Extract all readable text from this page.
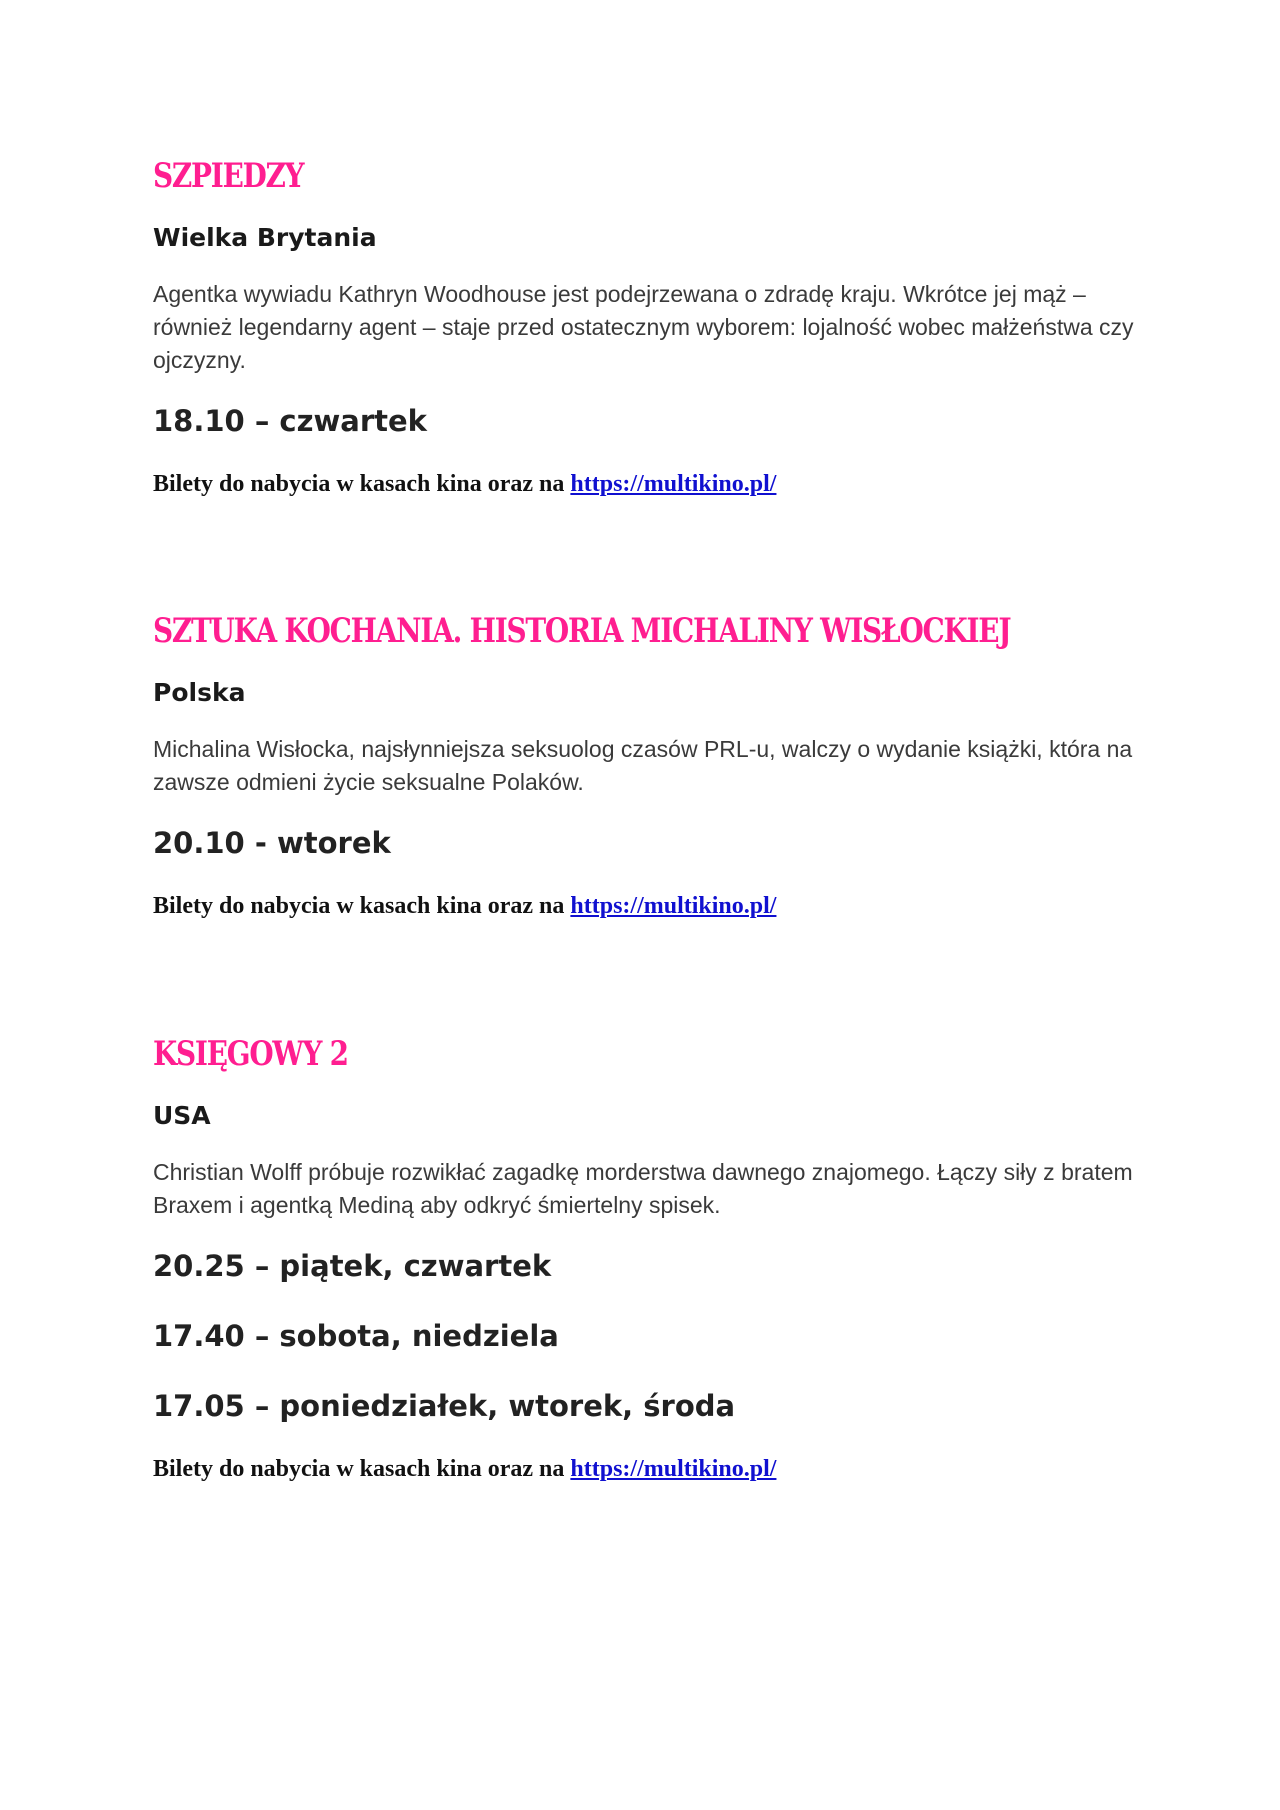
SZPIEDZY
Wielka Brytania

Agentka wywiadu Kathryn Woodhouse jest podejrzewana o zdradę kraju. Wkrótce jej mąż – również legendarny agent – staje przed ostatecznym wyborem: lojalność wobec małżeństwa czy ojczyzny.

18.10 – czwartek
Bilety do nabycia w kasach kina oraz na https://multikino.pl/
SZTUKA KOCHANIA. HISTORIA MICHALINY WISŁOCKIEJ
Polska

Michalina Wisłocka, najsłynniejsza seksuolog czasów PRL-u, walczy o wydanie książki, która na zawsze odmieni życie seksualne Polaków.

20.10 - wtorek
Bilety do nabycia w kasach kina oraz na https://multikino.pl/
KSIĘGOWY 2
USA

Christian Wolff próbuje rozwikłać zagadkę morderstwa dawnego znajomego. Łączy siły z bratem Braxem i agentką Mediną aby odkryć śmiertelny spisek.

20.25 – piątek, czwartek
17.40 – sobota, niedziela
17.05 – poniedziałek, wtorek, środa
Bilety do nabycia w kasach kina oraz na https://multikino.pl/
